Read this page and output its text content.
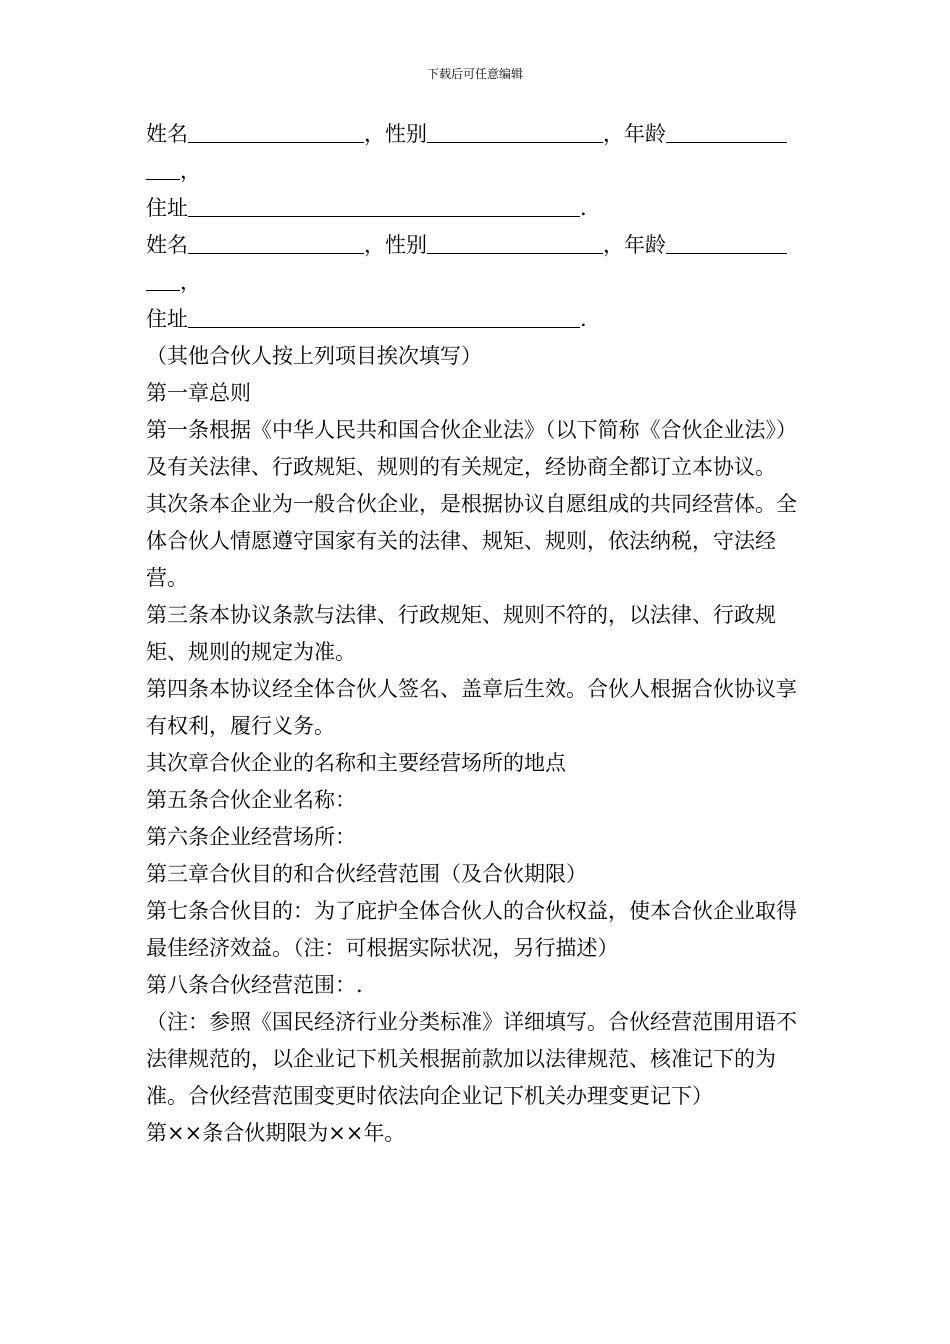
下载后可任意编辑
姓名	，性别	，年龄
，
住址	.
姓名	，性别	，年龄
，
住址	.
（其他合伙人按上列项目挨次填写）
第一章总则
第一条根据《中华人民共和国合伙企业法》（以下简称《合伙企业法》）及有关法律、行政规矩、规则的有关规定，经协商全都订立本协议。
其次条本企业为一般合伙企业，是根据协议自愿组成的共同经营体。全体合伙人情愿遵守国家有关的法律、规矩、规则，依法纳税，守法经营。
第三条本协议条款与法律、行政规矩、规则不符的，以法律、行政规矩、规则的规定为准。
第四条本协议经全体合伙人签名、盖章后生效。合伙人根据合伙协议享有权利，履行义务。
其次章合伙企业的名称和主要经营场所的地点
第五条合伙企业名称：
第六条企业经营场所：
第三章合伙目的和合伙经营范围（及合伙期限）
第七条合伙目的：为了庇护全体合伙人的合伙权益，使本合伙企业取得最佳经济效益。（注：可根据实际状况，另行描述）
第八条合伙经营范围：.
（注：参照《国民经济行业分类标准》详细填写。合伙经营范围用语不法律规范的，以企业记下机关根据前款加以法律规范、核准记下的为准。合伙经营范围变更时依法向企业记下机关办理变更记下）
第××条合伙期限为××年。
